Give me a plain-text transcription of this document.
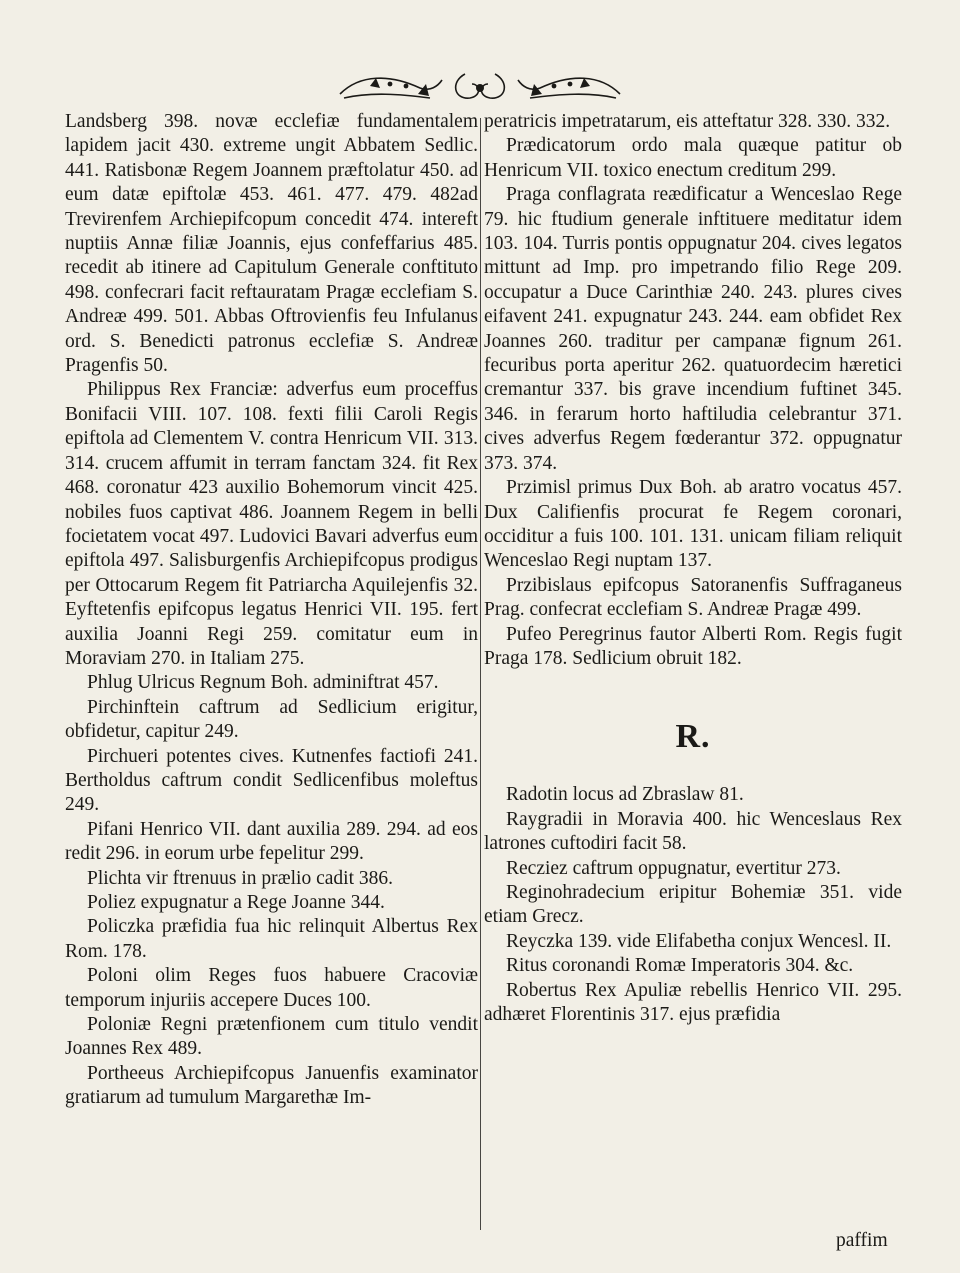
Landsberg 398. novæ ecclefiæ fundamentalem lapidem jacit 430. extreme ungit Abbatem Sedlic. 441. Ratisbonæ Regem Joannem præftolatur 450. ad eum datæ epiftolæ 453. 461. 477. 479. 482ad Trevirenfem Archiepifcopum concedit 474. intereft nuptiis Annæ filiæ Joannis, ejus confeffarius 485. recedit ab itinere ad Capitulum Generale conftituto 498. confecrari facit reftauratam Pragæ ecclefiam S. Andreæ 499. 501. Abbas Oftrovienfis feu Infulanus ord. S. Benedicti patronus ecclefiæ S. Andreæ Pragenfis 50.

Philippus Rex Franciæ: adverfus eum proceffus Bonifacii VIII. 107. 108. fexti filii Caroli Regis epiftola ad Clementem V. contra Henricum VII. 313. 314. crucem affumit in terram fanctam 324. fit Rex 468. coronatur 423 auxilio Bohemorum vincit 425. nobiles fuos captivat 486. Joannem Regem in belli focietatem vocat 497. Ludovici Bavari adverfus eum epiftola 497. Salisburgenfis Archiepifcopus prodigus per Ottocarum Regem fit Patriarcha Aquilejenfis 32. Eyftetenfis epifcopus legatus Henrici VII. 195. fert auxilia Joanni Regi 259. comitatur eum in Moraviam 270. in Italiam 275.

Phlug Ulricus Regnum Boh. adminiftrat 457.

Pirchinftein caftrum ad Sedlicium erigitur, obfidetur, capitur 249.

Pirchueri potentes cives. Kutnenfes factiofi 241. Bertholdus caftrum condit Sedlicenfibus moleftus 249.

Pifani Henrico VII. dant auxilia 289. 294. ad eos redit 296. in eorum urbe fepelitur 299.

Plichta vir ftrenuus in prælio cadit 386.

Poliez expugnatur a Rege Joanne 344.

Policzka præfidia fua hic relinquit Albertus Rex Rom. 178.

Poloni olim Reges fuos habuere Cracoviæ temporum injuriis accepere Duces 100.

Poloniæ Regni prætenfionem cum titulo vendit Joannes Rex 489.

Portheeus Archiepifcopus Januenfis examinator gratiarum ad tumulum Margarethæ Im-

peratricis impetratarum, eis atteftatur 328. 330. 332.

Prædicatorum ordo mala quæque patitur ob Henricum VII. toxico enectum creditum 299.

Praga conflagrata reædificatur a Wenceslao Rege 79. hic ftudium generale inftituere meditatur idem 103. 104. Turris pontis oppugnatur 204. cives legatos mittunt ad Imp. pro impetrando filio Rege 209. occupatur a Duce Carinthiæ 240. 243. plures cives eifavent 241. expugnatur 243. 244. eam obfidet Rex Joannes 260. traditur per campanæ fignum 261. fecuribus porta aperitur 262. quatuordecim hæretici cremantur 337. bis grave incendium fuftinet 345. 346. in ferarum horto haftiludia celebrantur 371. cives adverfus Regem fœderantur 372. oppugnatur 373. 374.

Przimisl primus Dux Boh. ab aratro vocatus 457. Dux Califienfis procurat fe Regem coronari, occiditur a fuis 100. 101. 131. unicam filiam reliquit Wenceslao Regi nuptam 137.

Przibislaus epifcopus Satoranenfis Suffraganeus Prag. confecrat ecclefiam S. Andreæ Pragæ 499.

Pufeo Peregrinus fautor Alberti Rom. Regis fugit Praga 178. Sedlicium obruit 182.

R.

Radotin locus ad Zbraslaw 81.

Raygradii in Moravia 400. hic Wenceslaus Rex latrones cuftodiri facit 58.

Recziez caftrum oppugnatur, evertitur 273.

Reginohradecium eripitur Bohemiæ 351. vide etiam Grecz.

Reyczka 139. vide Elifabetha conjux Wencesl. II.

Ritus coronandi Romæ Imperatoris 304. &c.

Robertus Rex Apuliæ rebellis Henrico VII. 295. adhæret Florentinis 317. ejus præfidia

paffim
